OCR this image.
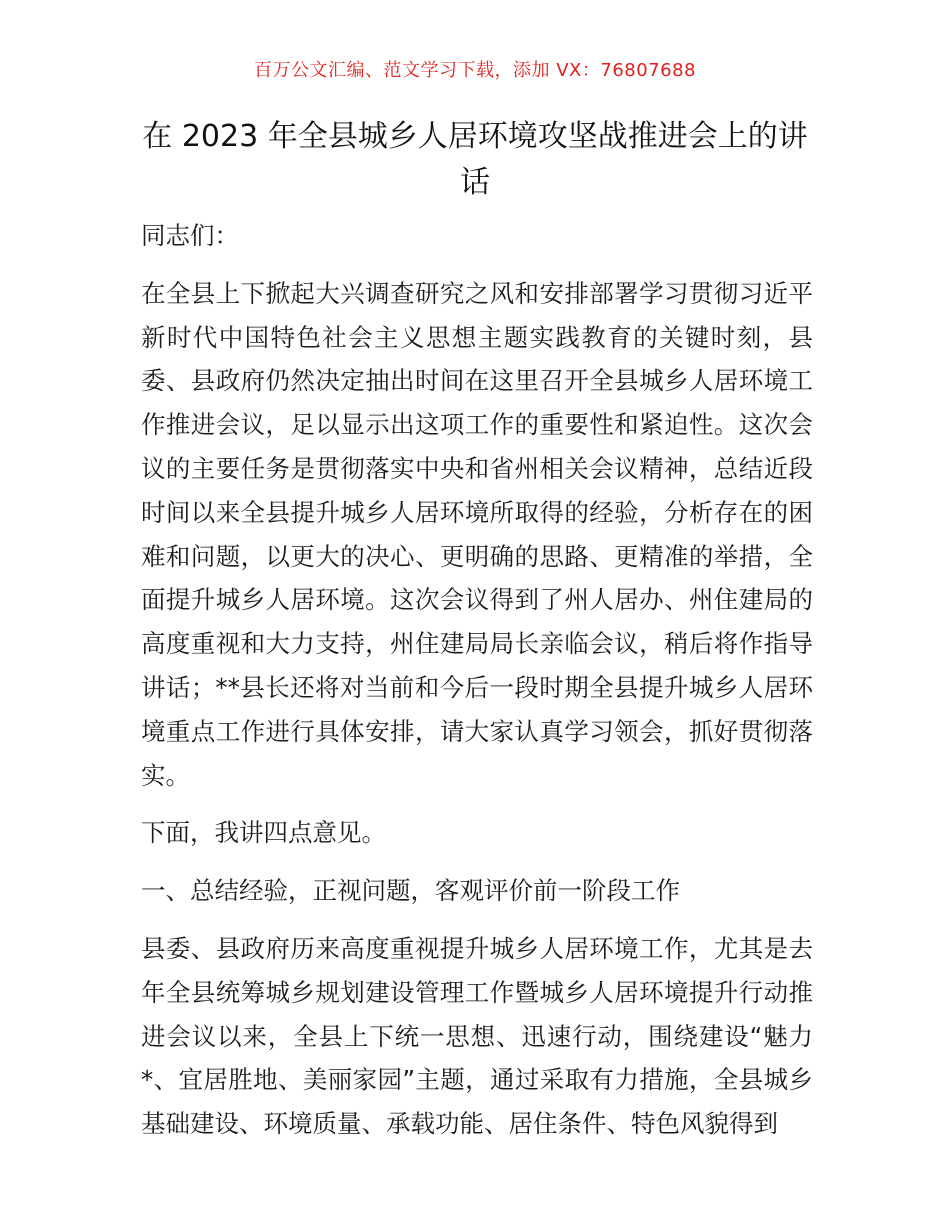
百万公文汇编、范文学习下载，添加 VX：76807688
在 2023 年全县城乡人居环境攻坚战推进会上的讲话

同志们：

在全县上下掀起大兴调查研究之风和安排部署学习贯彻习近平新时代中国特色社会主义思想主题实践教育的关键时刻，县委、县政府仍然决定抽出时间在这里召开全县城乡人居环境工作推进会议，足以显示出这项工作的重要性和紧迫性。这次会议的主要任务是贯彻落实中央和省州相关会议精神，总结近段时间以来全县提升城乡人居环境所取得的经验，分析存在的困难和问题，以更大的决心、更明确的思路、更精准的举措，全面提升城乡人居环境。这次会议得到了州人居办、州住建局的高度重视和大力支持，州住建局局长亲临会议，稍后将作指导讲话；**县长还将对当前和今后一段时期全县提升城乡人居环境重点工作进行具体安排，请大家认真学习领会，抓好贯彻落实。

下面，我讲四点意见。

一、总结经验，正视问题，客观评价前一阶段工作

县委、县政府历来高度重视提升城乡人居环境工作，尤其是去年全县统筹城乡规划建设管理工作暨城乡人居环境提升行动推进会议以来，全县上下统一思想、迅速行动，围绕建设“魅力*、宜居胜地、美丽家园”主题，通过采取有力措施，全县城乡基础建设、环境质量、承载功能、居住条件、特色风貌得到
